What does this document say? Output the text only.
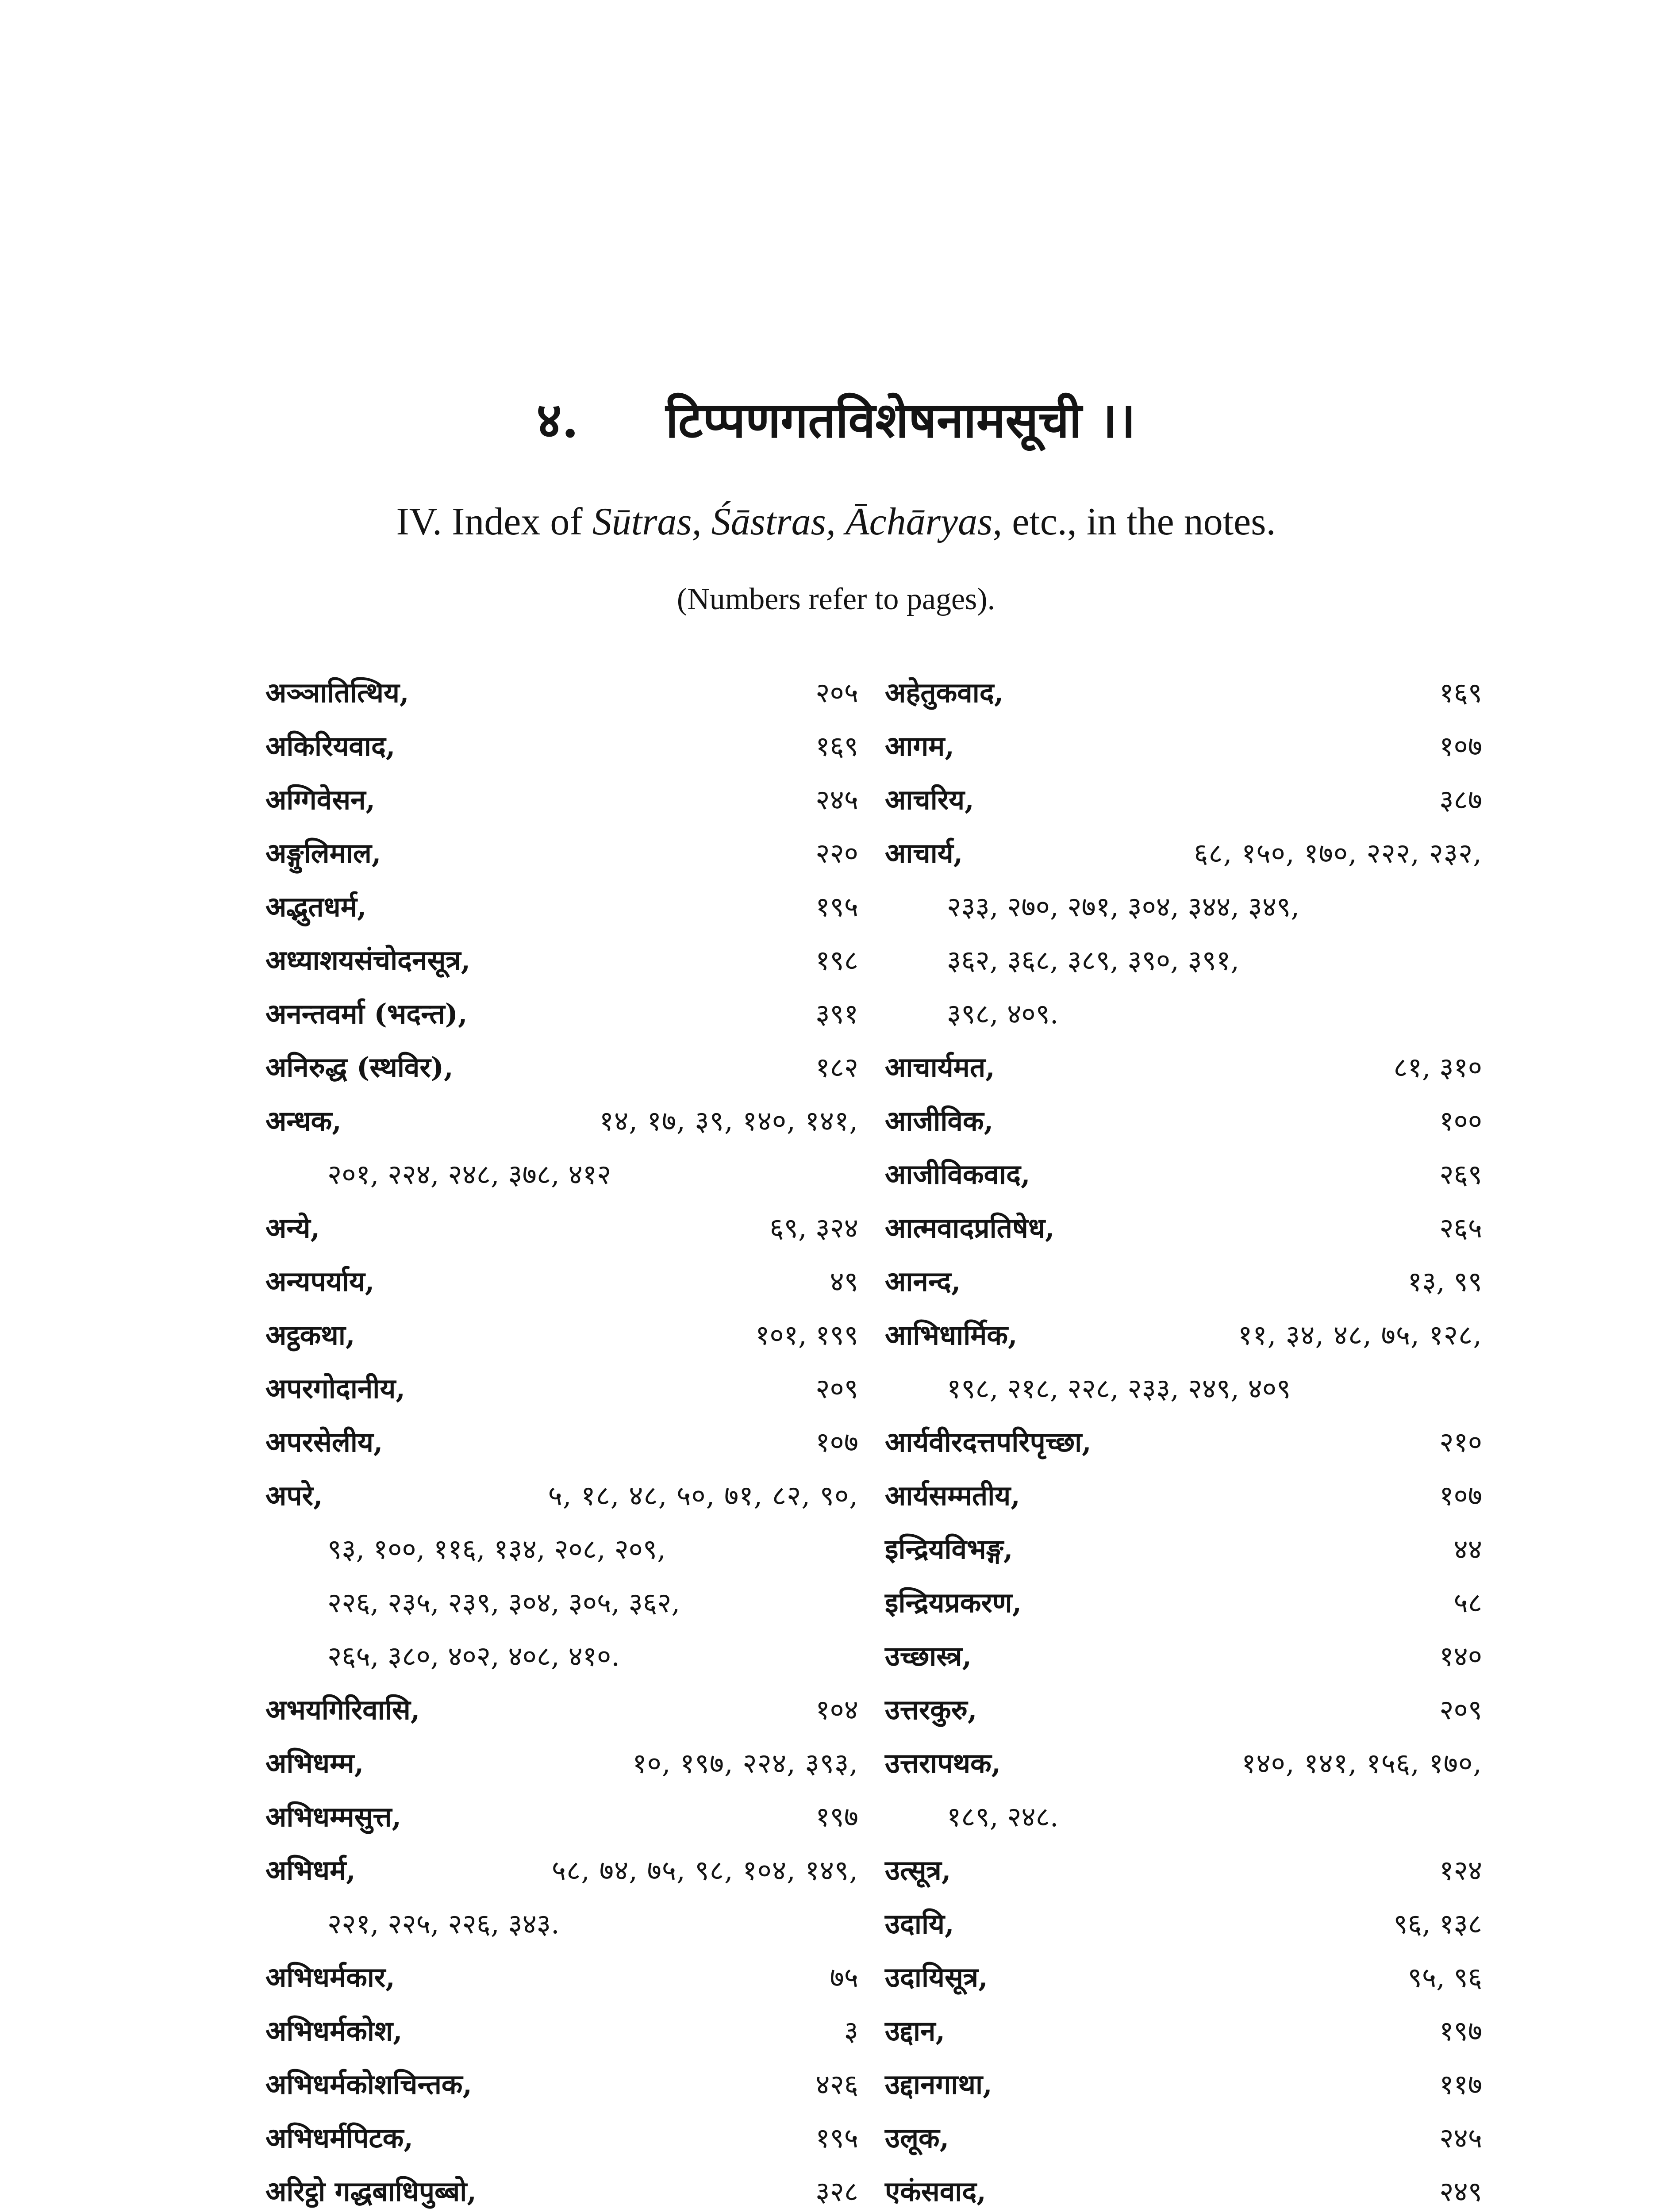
४. टिप्पणगतविशेषनामसूची ।।
IV. Index of Sūtras, Śāstras, Āchāryas, etc., in the notes.
(Numbers refer to pages).
अञ्ञातित्थिय,	२०५
अकिरियवाद,	१६९
अग्गिवेसन,	२४५
अङ्गुलिमाल,	२२०
अद्भुतधर्म,	१९५
अध्याशयसंचोदनसूत्र,	१९८
अनन्तवर्मा (भदन्त),	३९१
अनिरुद्ध (स्थविर),	१८२
अन्धक,	१४, १७, ३९, १४०, १४१,
२०१, २२४, २४८, ३७८, ४१२
अन्ये,	६९, ३२४
अन्यपर्याय,	४९
अट्ठकथा,	१०१, १९९
अपरगोदानीय,	२०९
अपरसेलीय,	१०७
अपरे,	५, १८, ४८, ५०, ७१, ८२, ९०,
९३, १००, ११६, १३४, २०८, २०९,
२२६, २३५, २३९, ३०४, ३०५, ३६२,
२६५, ३८०, ४०२, ४०८, ४१०.
अभयगिरिवासि,	१०४
अभिधम्म,	१०, १९७, २२४, ३९३,
अभिधम्मसुत्त,	१९७
अभिधर्म,	५८, ७४, ७५, ९८, १०४, १४९,
२२१, २२५, २२६, ३४३.
अभिधर्मकार,	७५
अभिधर्मकोश,	३
अभिधर्मकोशचिन्तक,	४२६
अभिधर्मपिटक,	१९५
अरिट्ठो गद्धबाधिपुब्बो,	३२८
अहेतुकवाद,	१६९
आगम,	१०७
आचरिय,	३८७
आचार्य,	६८, १५०, १७०, २२२, २३२,
२३३, २७०, २७१, ३०४, ३४४, ३४९,
३६२, ३६८, ३८९, ३९०, ३९१,
३९८, ४०९.
आचार्यमत,	८१, ३१०
आजीविक,	१००
आजीविकवाद,	२६९
आत्मवादप्रतिषेध,	२६५
आनन्द,	१३, ९९
आभिधार्मिक,	११, ३४, ४८, ७५, १२८,
१९८, २१८, २२८, २३३, २४९, ४०९
आर्यवीरदत्तपरिपृच्छा,	२१०
आर्यसम्मतीय,	१०७
इन्द्रियविभङ्ग,	४४
इन्द्रियप्रकरण,	५८
उच्छास्त्र,	१४०
उत्तरकुरु,	२०९
उत्तरापथक,	१४०, १४१, १५६, १७०,
१८९, २४८.
उत्सूत्र,	१२४
उदायि,	९६, १३८
उदायिसूत्र,	९५, ९६
उद्दान,	१९७
उद्दानगाथा,	११७
उलूक,	२४५
एकंसवाद,	२४९
